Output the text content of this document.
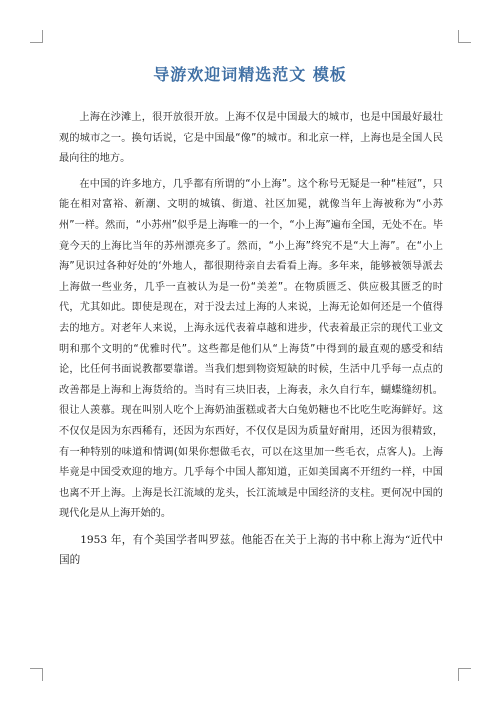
导游欢迎词精选范文 模板

上海在沙滩上，很开放很开放。上海不仅是中国最大的城市，也是中国最好最壮观的城市之一。换句话说，它是中国最“像”的城市。和北京一样，上海也是全国人民最向往的地方。

在中国的许多地方，几乎都有所谓的“小上海”。这个称号无疑是一种“桂冠”，只能在相对富裕、新潮、文明的城镇、街道、社区加冕，就像当年上海被称为“小苏州”一样。然而，“小苏州”似乎是上海唯一的一个，“小上海”遍布全国，无处不在。毕竟今天的上海比当年的苏州漂亮多了。然而，“小上海”终究不是“大上海”。在“小上海”见识过各种好处的‘外地人，都很期待亲自去看看上海。多年来，能够被领导派去上海做一些业务，几乎一直被认为是一份“美差”。在物质匮乏、供应极其匮乏的时代，尤其如此。即使是现在，对于没去过上海的人来说，上海无论如何还是一个值得去的地方。对老年人来说，上海永远代表着卓越和进步，代表着最正宗的现代工业文明和那个文明的“优雅时代”。这些都是他们从“上海货”中得到的最直观的感受和结论，比任何书面说教都要靠谱。当我们想到物资短缺的时候，生活中几乎每一点点的改善都是上海和上海货给的。当时有三块旧表，上海表，永久自行车，蝴蝶缝纫机。很让人羡慕。现在叫别人吃个上海奶油蛋糕或者大白兔奶糖也不比吃生吃海鲜好。这不仅仅是因为东西稀有，还因为东西好，不仅仅是因为质量好耐用，还因为很精致，有一种特别的味道和情调(如果你想做毛衣，可以在这里加一些毛衣，点客人)。上海毕竟是中国受欢迎的地方。几乎每个中国人都知道，正如美国离不开纽约一样，中国也离不开上海。上海是长江流域的龙头，长江流域是中国经济的支柱。更何况中国的现代化是从上海开始的。

1953 年，有个美国学者叫罗兹。他能否在关于上海的书中称上海为“近代中国的
